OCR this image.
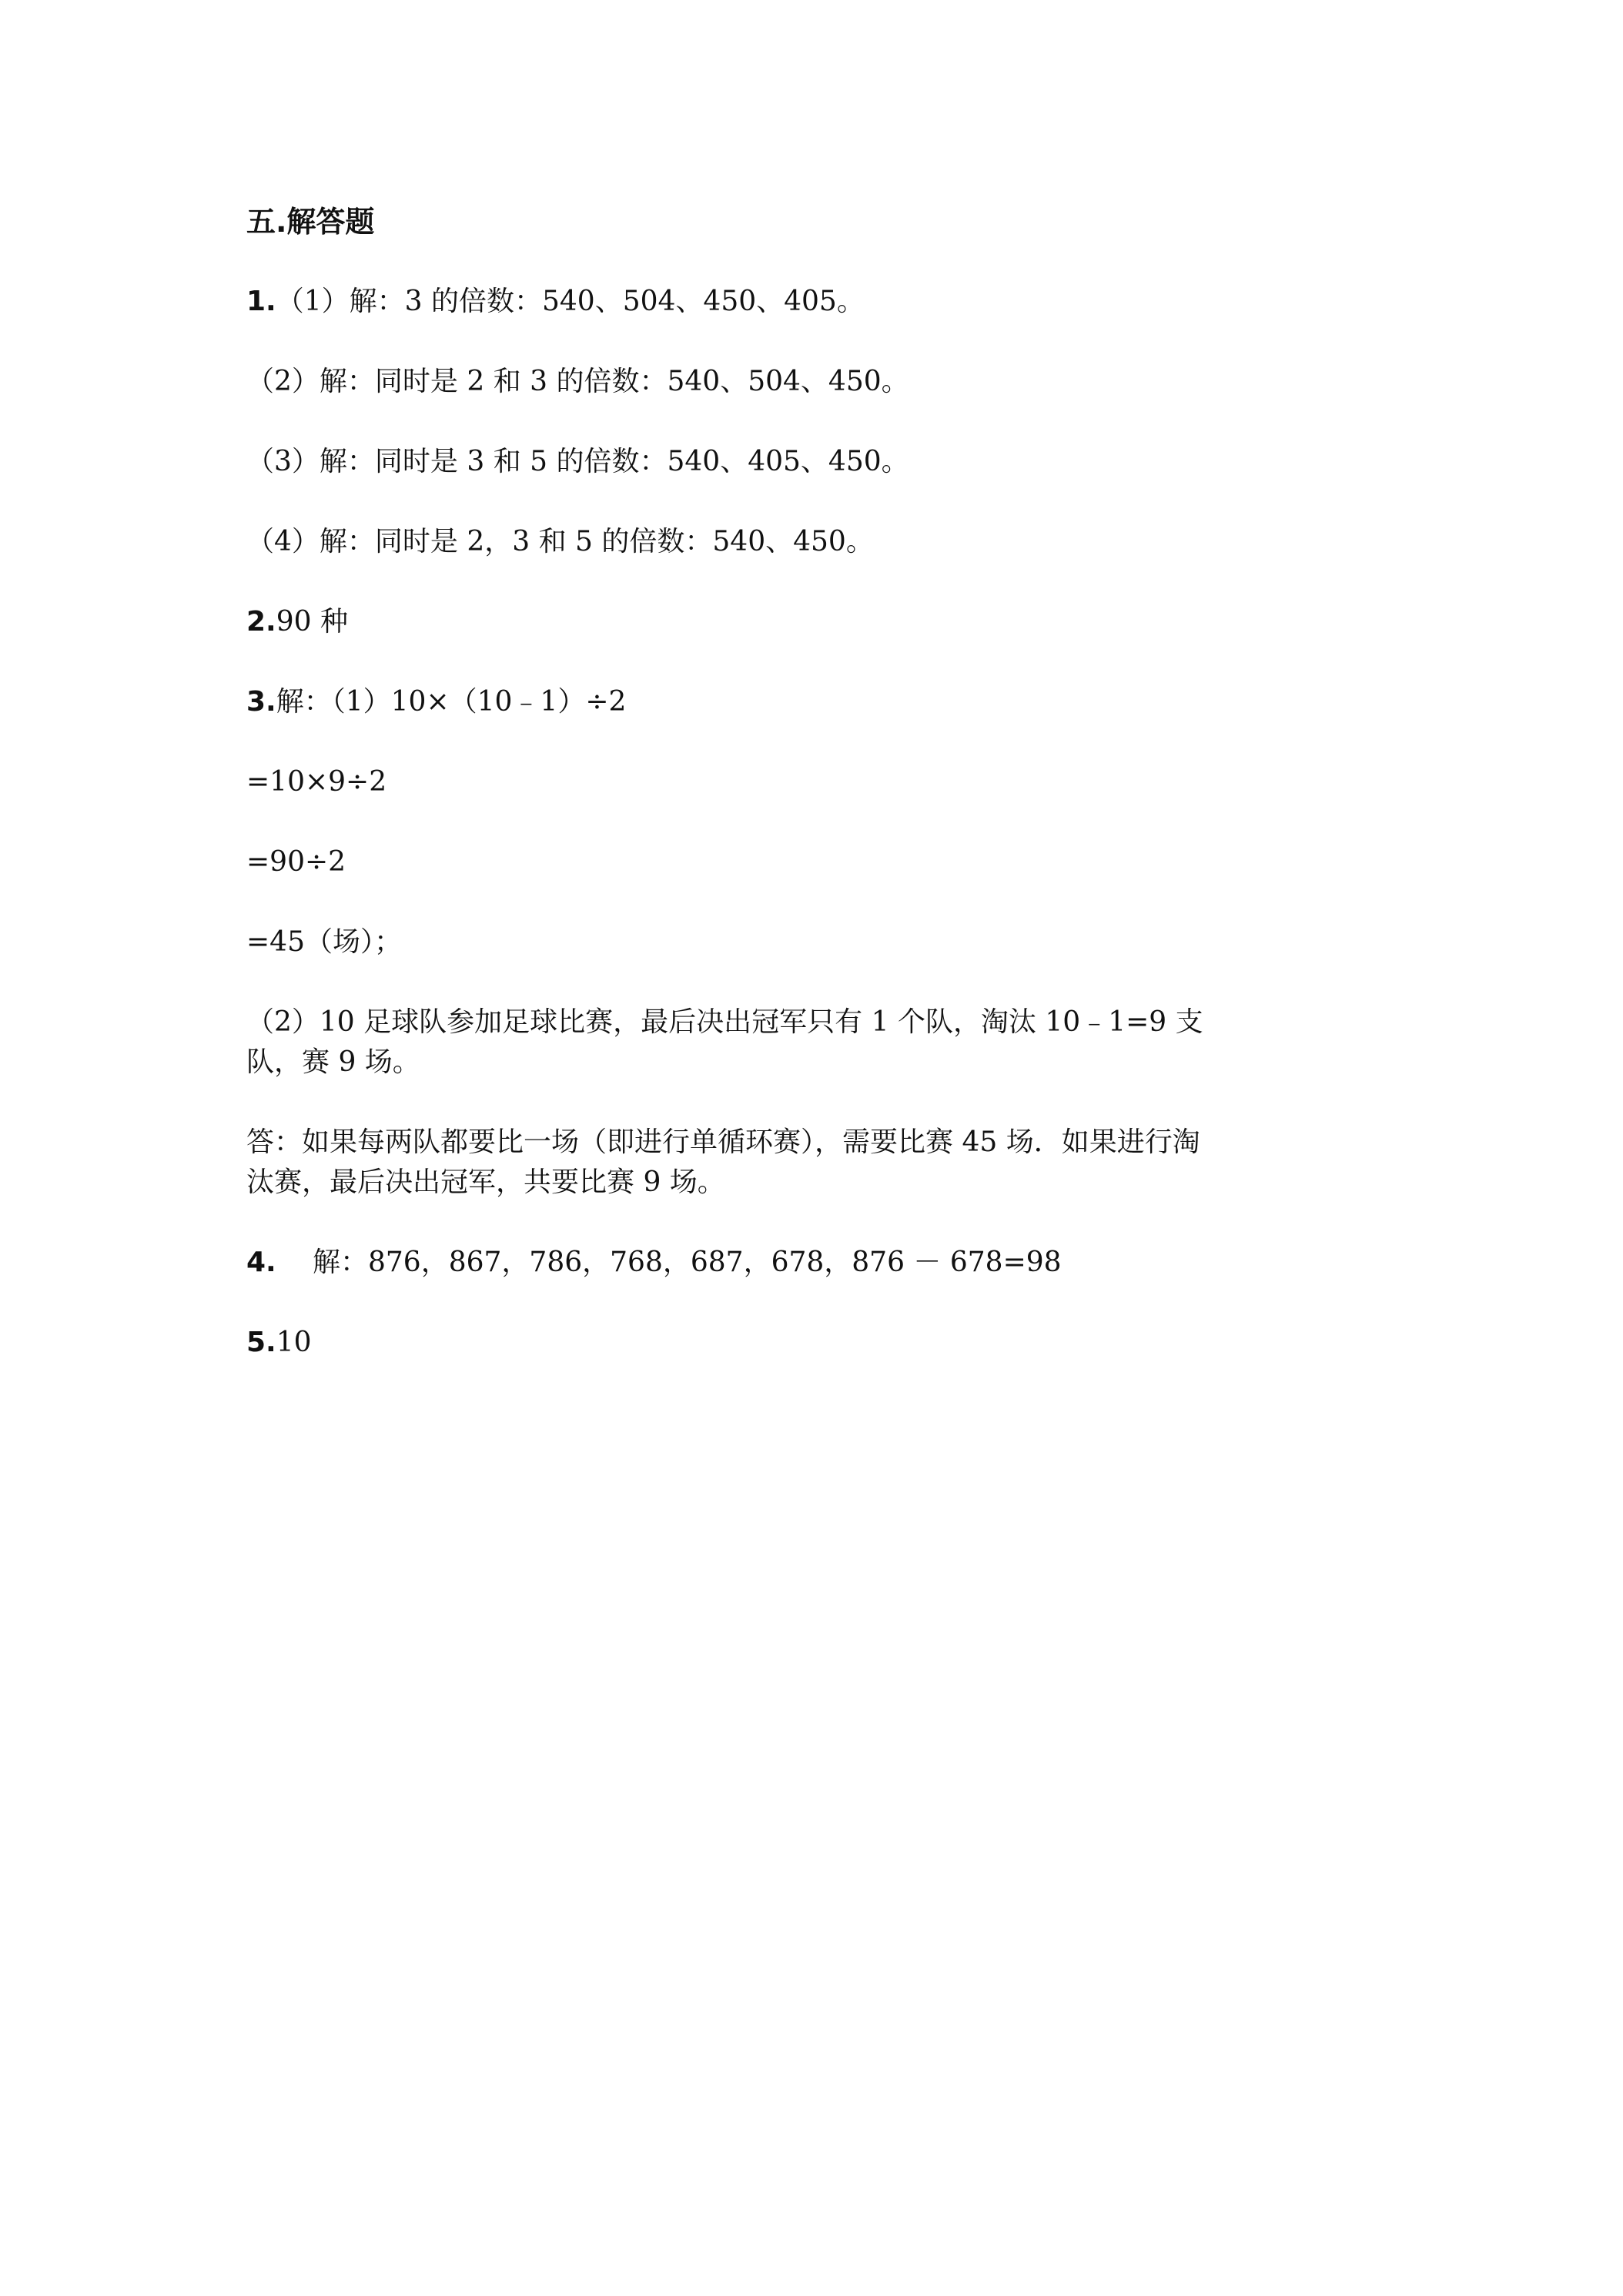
五.解答题
1.（1）解：3 的倍数：540、504、450、405。
（2）解：同时是 2 和 3 的倍数：540、504、450。
（3）解：同时是 3 和 5 的倍数：540、405、450。
（4）解：同时是 2，3 和 5 的倍数：540、450。
2.90 种
3.解：（1）10×（10﹣1）÷2
=10×9÷2
=90÷2
=45（场）；
（2）10 足球队参加足球比赛，最后决出冠军只有 1 个队，淘汰 10﹣1=9 支
队，赛 9 场。
答：如果每两队都要比一场（即进行单循环赛），需要比赛 45 场．如果进行淘
汰赛，最后决出冠军，共要比赛 9 场。
4. 解：876，867，786，768，687，678，876 － 678=98
5.10
